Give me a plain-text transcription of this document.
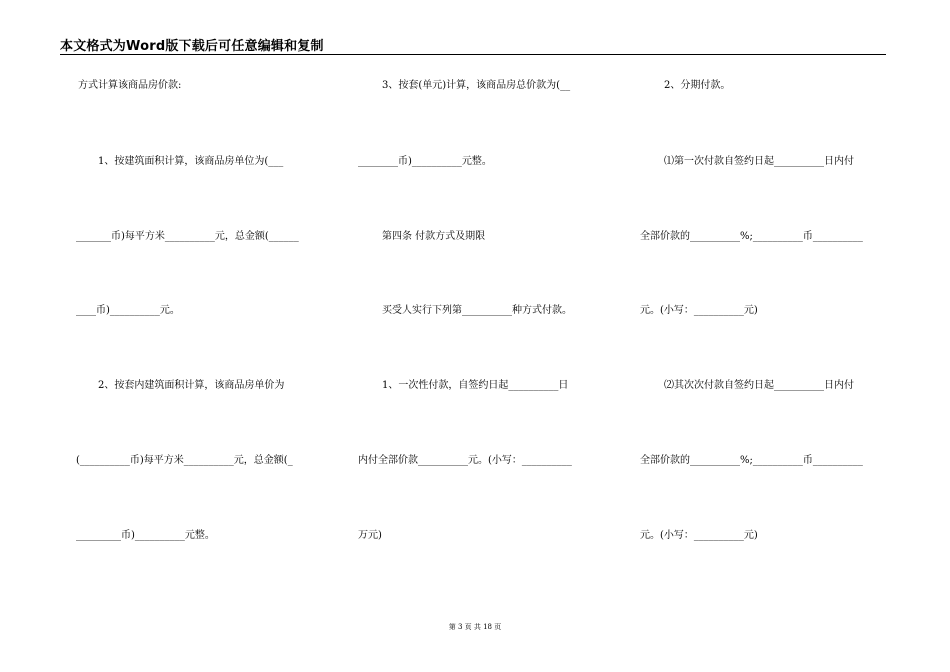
本文格式为Word版下载后可任意编辑和复制
方式计算该商品房价款:
1、按建筑面积计算，该商品房单位为(___
_______币)每平方米__________元，总金额(______
____币)__________元。
2、按套内建筑面积计算，该商品房单价为
(__________币)每平方米__________元，总金额(_
_________币)__________元整。
3、按套(单元)计算，该商品房总价款为(__
________币)__________元整。
第四条 付款方式及期限
买受人实行下列第__________种方式付款。
1、一次性付款，自签约日起__________日
内付全部价款__________元。(小写：__________
万元)
2、分期付款。
⑴第一次付款自签约日起__________日内付
全部价款的__________%;__________币__________
元。(小写：__________元)
⑵其次次付款自签约日起__________日内付
全部价款的__________%;__________币__________
元。(小写：__________元)
第 3 页 共 18 页
